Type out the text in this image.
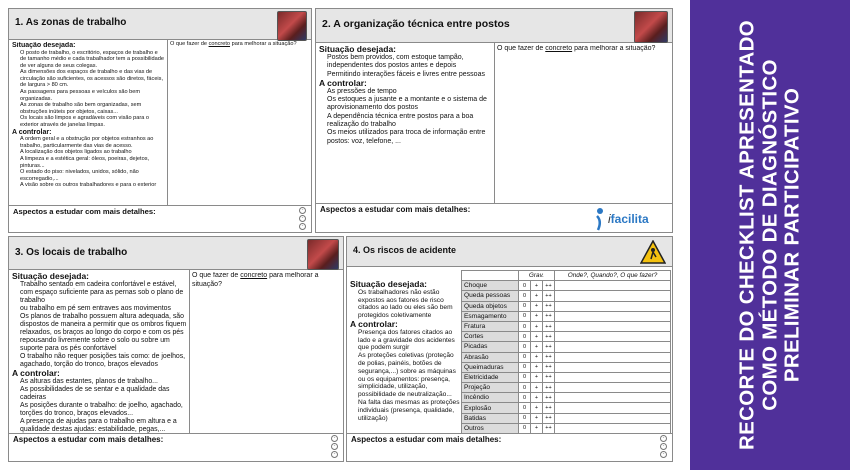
1. As zonas de trabalho
Situação desejada:
• O posto de trabalho, o escritório, espaços de trabalho e de tamanho médio e cada trabalhador tem a possibilidade de ver alguns de seus colegas.
• As dimensões dos espaços de trabalho e das vias de circulação são suficientes, os acessos são diretos, fáceis, de largura > 80 cm.
• As passagens para pessoas e veículos são bem organizadas.
• As zonas de trabalho são bem organizadas, sem obstruções inúteis por objetos, caixas...
• Os locais são limpos e agradáveis com visão para o exterior através de janelas limpas.
A controlar:
• A ordem geral e a obstrução por objetos estranhos ao trabalho, particularmente das vias de acesso.
• A localização dos objetos ligados ao trabalho
• A limpeza e a estética geral: óleos, poeiras, dejetos, pinturas...
• O estado do piso: nivelados, unidos, sólido, não escorregadio,...
• A visão sobre os outros trabalhadores e para o exterior
O que fazer de concreto para melhorar a situação?
Aspectos a estudar com mais detalhes:	◦
◦
◦
2. A organização técnica entre postos
Situação desejada:
• Postos bem providos, com estoque tampão, independentes dos postos antes e depois
• Permitindo interações fáceis e livres entre pessoas
A controlar:
• As pressões de tempo
• Os estoques a jusante e a montante e o sistema de aprovisionamento dos postos
• A dependência técnica entre postos para a boa realização do trabalho
• Os meios utilizados para troca de informação entre postos: voz, telefone, ...
O que fazer de concreto para melhorar a situação?
Aspectos a estudar com mais detalhes:
ifacilita
3. Os locais de trabalho
Situação desejada:
• Trabalho sentado em cadeira confortável e estável, com espaço suficiente para as pernas sob o plano de trabalho
• ou trabalho em pé sem entraves aos movimentos
• Os planos de trabalho possuem altura adequada, são dispostos de maneira a permitir que os ombros fiquem relaxados, os braços ao longo do corpo e com os pés repousando livremente sobre o solo ou sobre um suporte para os pés confortável
• O trabalho não requer posições tais como: de joelhos, agachado, torção do tronco, braços elevados
A controlar:
• As alturas das estantes, planos de trabalho...
• As possibilidades de se sentar e a qualidade das cadeiras
• As posições durante o trabalho: de joelho, agachado, torções do tronco, braços elevados...
• A presença de ajudas para o trabalho em altura e a qualidade destas ajudas: estabilidade, pegas,...
O que fazer de concreto para melhorar a situação?
Aspectos a estudar com mais detalhes:	◦
◦
◦
4. Os riscos de acidente
Situação desejada:
• Os trabalhadores não estão expostos aos fatores de risco citados ao lado ou eles são bem protegidos coletivamente
A controlar:
• Presença dos fatores citados ao lado e a gravidade dos acidentes que podem surgir
• As proteções coletivas (proteção de polias, painéis, botões de segurança,...) sobre as máquinas ou os equipamentos: presença, simplicidade, utilização, possibilidade de neutralização...
• Na falta das mesmas as proteções individuais (presença, qualidade, utilização)
	Grav.			Onde?, Quando?, O que fazer?
Choque	0	+	++	
Queda pessoas	0	+	++	
Queda objetos	0	+	++	
Esmagamento	0	+	++	
Fratura	0	+	++	
Cortes	0	+	++	
Picadas	0	+	++	
Abrasão	0	+	++	
Queimaduras	0	+	++	
Eletricidade	0	+	++	
Projeção	0	+	++	
Incêndio	0	+	++	
Explosão	0	+	++	
Batidas	0	+	++	
Outros	0	+	++	
Aspectos a estudar com mais detalhes:	◦
◦
◦
RECORTE DO CHECKLIST APRESENTADO COMO MÉTODO DE DIAGNÓSTICO PRELIMINAR PARTICIPATIVO
